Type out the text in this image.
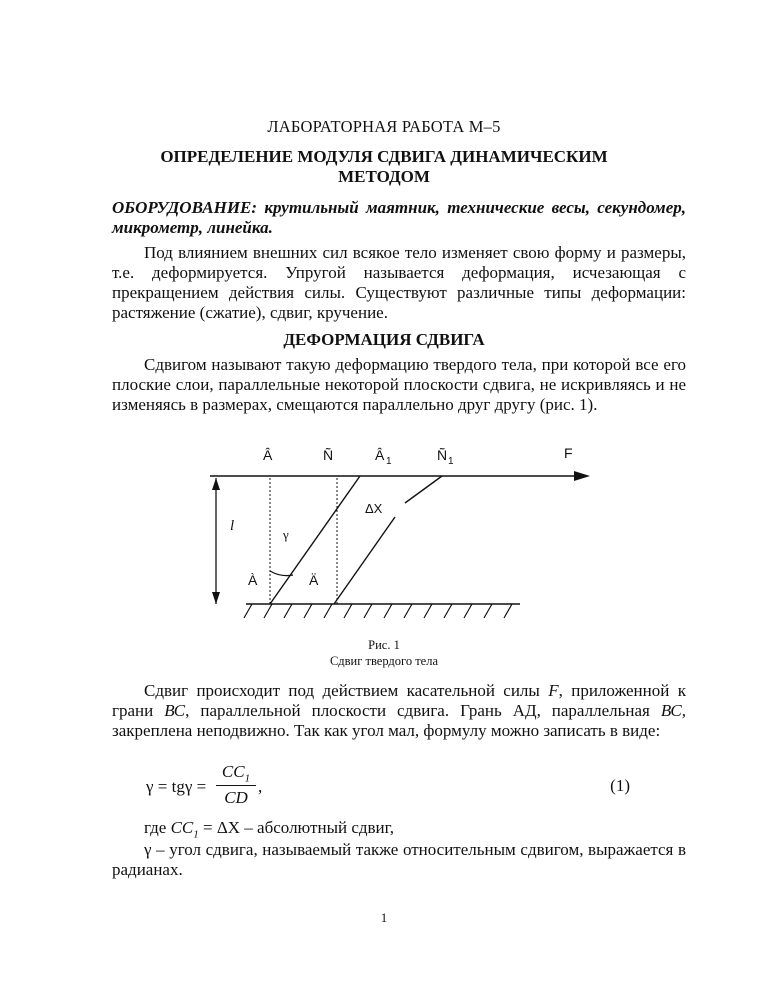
ЛАБОРАТОРНАЯ РАБОТА М–5
ОПРЕДЕЛЕНИЕ МОДУЛЯ СДВИГА ДИНАМИЧЕСКИМ
МЕТОДОМ
ОБОРУДОВАНИЕ: крутильный маятник, технические весы, секундомер, микрометр, линейка.
Под влиянием внешних сил всякое тело изменяет свою форму и размеры, т.е. деформируется. Упругой называется деформация, исчезающая с прекращением действия силы. Существуют различные типы деформации: растяжение (сжатие), сдвиг, кручение.
ДЕФОРМАЦИЯ СДВИГА
Сдвигом называют такую деформацию твердого тела, при которой все его плоские слои, параллельные некоторой плоскости сдвига, не искривляясь и не изменяясь в размерах, смещаются параллельно друг другу (рис. 1).
Â	Ñ	Â 1	Ñ 1
F
ΔX
l
γ
À	Ä
Рис. 1
Сдвиг твердого тела
Сдвиг происходит под действием касательной силы F, приложенной к грани ВС, параллельной плоскости сдвига. Грань АД, параллельная ВС, закреплена неподвижно. Так как угол мал, формулу можно записать в виде:
$\gamma = tg\gamma = \frac{CC_1}{CD}$ ,	(1)
где $CC_1 = \Delta X$ – абсолютный сдвиг,
γ – угол сдвига, называемый также относительным сдвигом, выражается в радианах.
1
